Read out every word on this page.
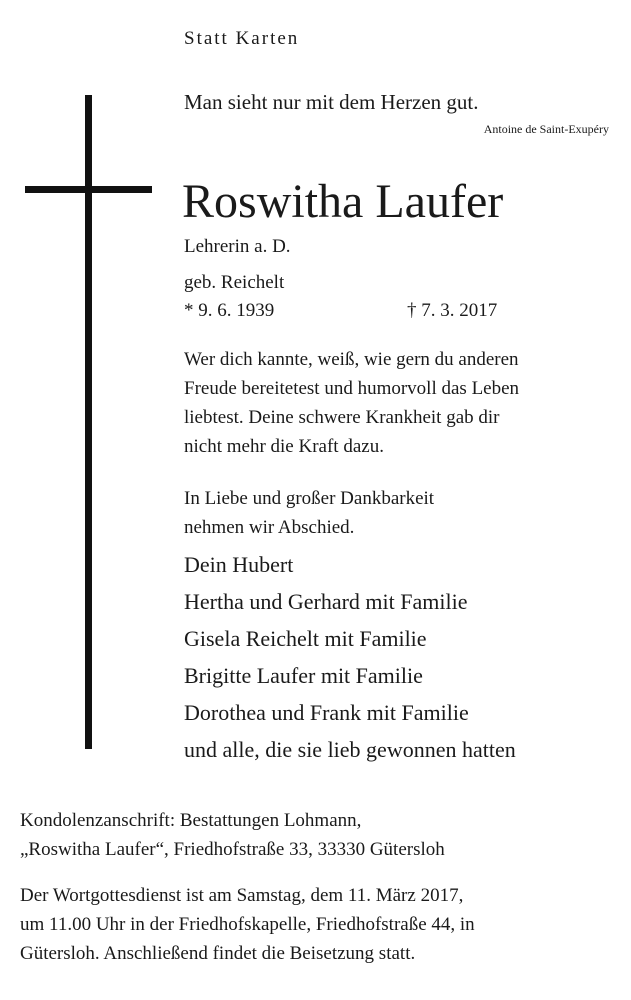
Statt Karten

Man sieht nur mit dem Herzen gut.

Antoine de Saint-Exupéry

Roswitha Laufer

Lehrerin a. D.

geb. Reichelt

* 9. 6. 1939	† 7. 3. 2017

Wer dich kannte, weiß, wie gern du anderen
Freude bereitetest und humorvoll das Leben
liebtest. Deine schwere Krankheit gab dir
nicht mehr die Kraft dazu.
In Liebe und großer Dankbarkeit
nehmen wir Abschied.
Dein Hubert
Hertha und Gerhard mit Familie
Gisela Reichelt mit Familie
Brigitte Laufer mit Familie
Dorothea und Frank mit Familie
und alle, die sie lieb gewonnen hatten
Kondolenzanschrift: Bestattungen Lohmann,
„Roswitha Laufer“, Friedhofstraße 33, 33330 Gütersloh
Der Wortgottesdienst ist am Samstag, dem 11. März 2017,
um 11.00 Uhr in der Friedhofskapelle, Friedhofstraße 44, in
Gütersloh. Anschließend findet die Beisetzung statt.
